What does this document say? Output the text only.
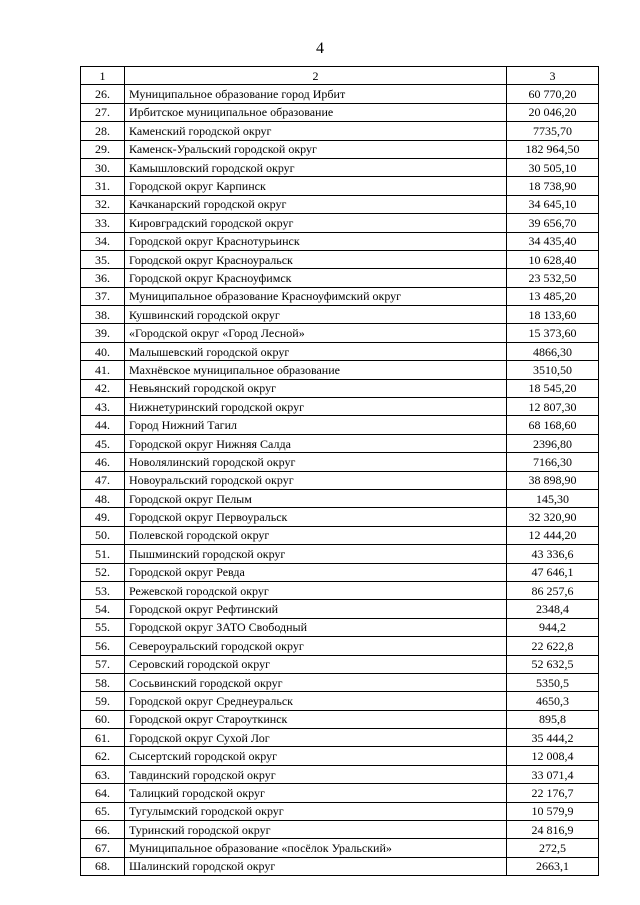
4
1	2	3
26.	Муниципальное образование город Ирбит	60 770,20
27.	Ирбитское муниципальное образование	20 046,20
28.	Каменский городской округ	7735,70
29.	Каменск-Уральский городской округ	182 964,50
30.	Камышловский городской округ	30 505,10
31.	Городской округ Карпинск	18 738,90
32.	Качканарский городской округ	34 645,10
33.	Кировградский городской округ	39 656,70
34.	Городской округ Краснотурьинск	34 435,40
35.	Городской округ Красноуральск	10 628,40
36.	Городской округ Красноуфимск	23 532,50
37.	Муниципальное образование Красноуфимский округ	13 485,20
38.	Кушвинский городской округ	18 133,60
39.	«Городской округ «Город Лесной»	15 373,60
40.	Малышевский городской округ	4866,30
41.	Махнёвское муниципальное образование	3510,50
42.	Невьянский городской округ	18 545,20
43.	Нижнетуринский городской округ	12 807,30
44.	Город Нижний Тагил	68 168,60
45.	Городской округ Нижняя Салда	2396,80
46.	Новолялинский городской округ	7166,30
47.	Новоуральский городской округ	38 898,90
48.	Городской округ Пелым	145,30
49.	Городской округ Первоуральск	32 320,90
50.	Полевской городской округ	12 444,20
51.	Пышминский городской округ	43 336,6
52.	Городской округ Ревда	47 646,1
53.	Режевской городской округ	86 257,6
54.	Городской округ Рефтинский	2348,4
55.	Городской округ ЗАТО Свободный	944,2
56.	Североуральский городской округ	22 622,8
57.	Серовский городской округ	52 632,5
58.	Сосьвинский городской округ	5350,5
59.	Городской округ Среднеуральск	4650,3
60.	Городской округ Староуткинск	895,8
61.	Городской округ Сухой Лог	35 444,2
62.	Сысертский городской округ	12 008,4
63.	Тавдинский городской округ	33 071,4
64.	Талицкий городской округ	22 176,7
65.	Тугулымский городской округ	10 579,9
66.	Туринский городской округ	24 816,9
67.	Муниципальное образование «посёлок Уральский»	272,5
68.	Шалинский городской округ	2663,1
